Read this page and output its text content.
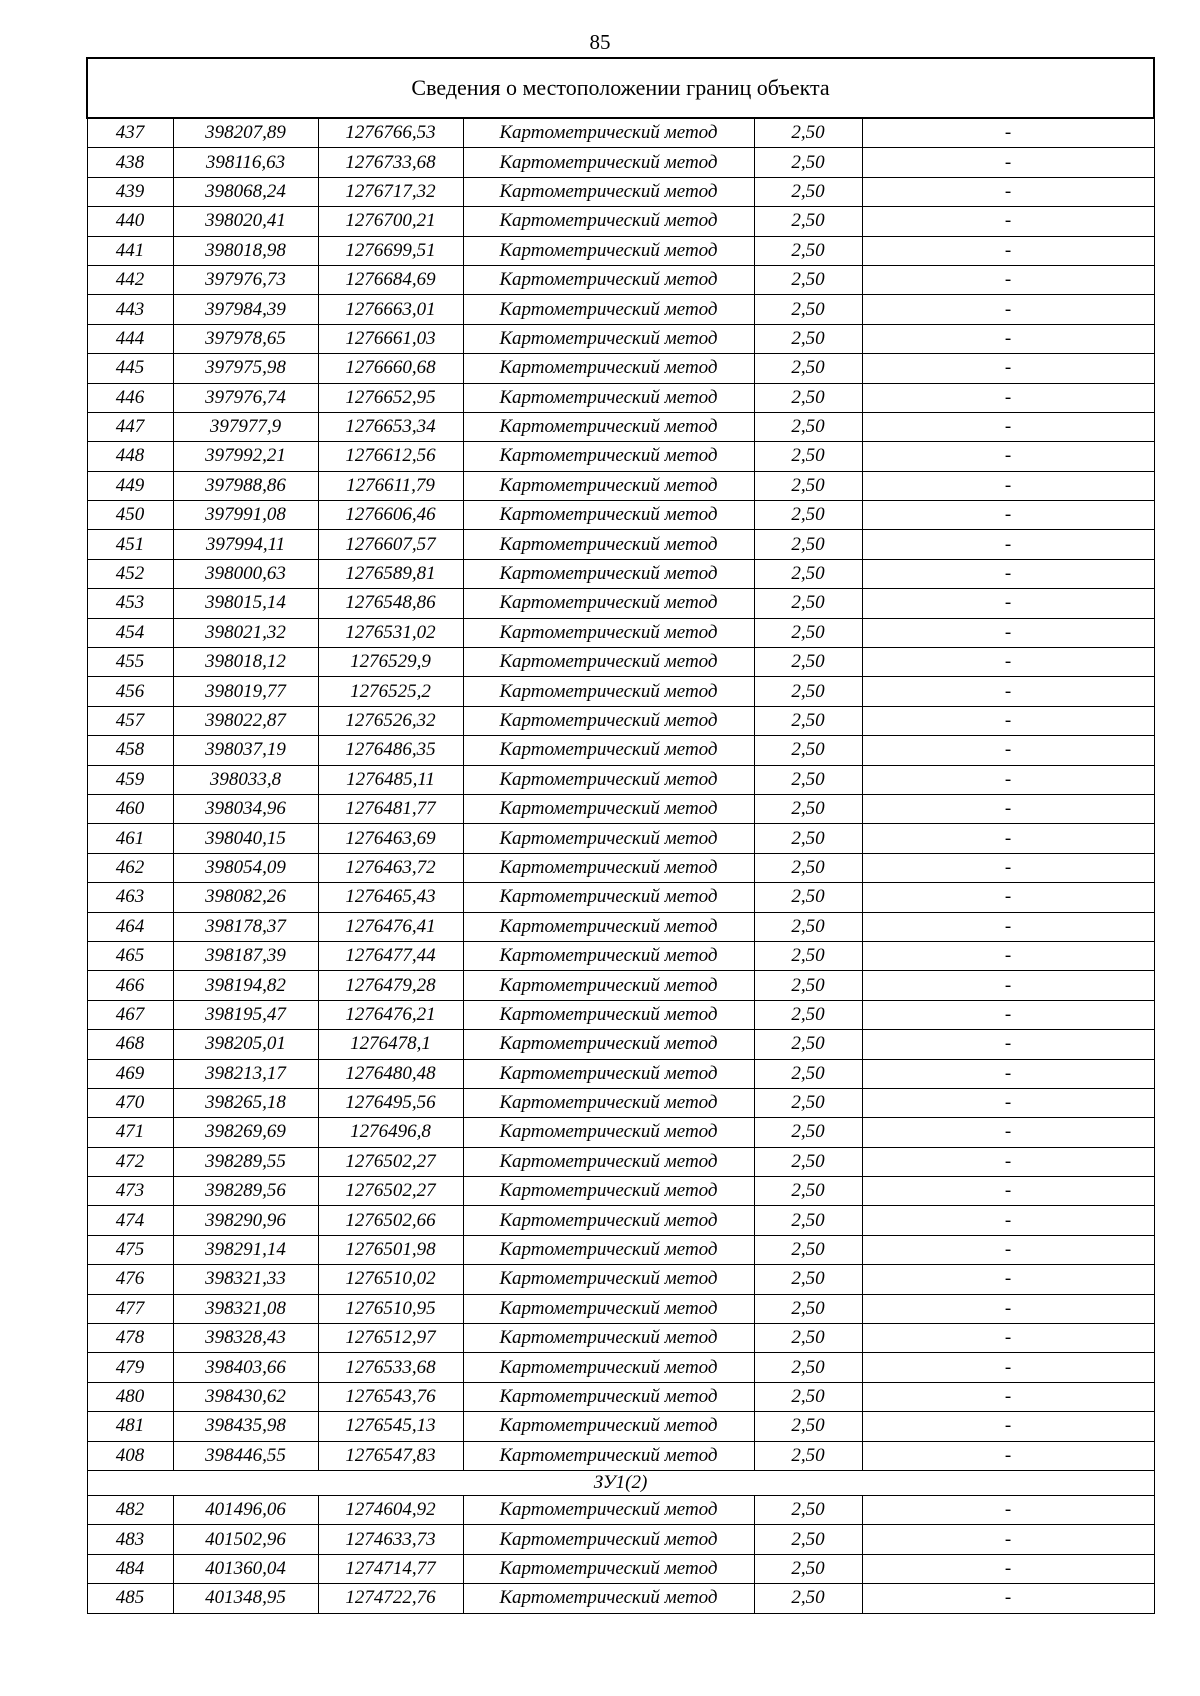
85
Сведения о местоположении границ объекта					
437	398207,89	1276766,53	Картометрический метод	2,50	-
438	398116,63	1276733,68	Картометрический метод	2,50	-
439	398068,24	1276717,32	Картометрический метод	2,50	-
440	398020,41	1276700,21	Картометрический метод	2,50	-
441	398018,98	1276699,51	Картометрический метод	2,50	-
442	397976,73	1276684,69	Картометрический метод	2,50	-
443	397984,39	1276663,01	Картометрический метод	2,50	-
444	397978,65	1276661,03	Картометрический метод	2,50	-
445	397975,98	1276660,68	Картометрический метод	2,50	-
446	397976,74	1276652,95	Картометрический метод	2,50	-
447	397977,9	1276653,34	Картометрический метод	2,50	-
448	397992,21	1276612,56	Картометрический метод	2,50	-
449	397988,86	1276611,79	Картометрический метод	2,50	-
450	397991,08	1276606,46	Картометрический метод	2,50	-
451	397994,11	1276607,57	Картометрический метод	2,50	-
452	398000,63	1276589,81	Картометрический метод	2,50	-
453	398015,14	1276548,86	Картометрический метод	2,50	-
454	398021,32	1276531,02	Картометрический метод	2,50	-
455	398018,12	1276529,9	Картометрический метод	2,50	-
456	398019,77	1276525,2	Картометрический метод	2,50	-
457	398022,87	1276526,32	Картометрический метод	2,50	-
458	398037,19	1276486,35	Картометрический метод	2,50	-
459	398033,8	1276485,11	Картометрический метод	2,50	-
460	398034,96	1276481,77	Картометрический метод	2,50	-
461	398040,15	1276463,69	Картометрический метод	2,50	-
462	398054,09	1276463,72	Картометрический метод	2,50	-
463	398082,26	1276465,43	Картометрический метод	2,50	-
464	398178,37	1276476,41	Картометрический метод	2,50	-
465	398187,39	1276477,44	Картометрический метод	2,50	-
466	398194,82	1276479,28	Картометрический метод	2,50	-
467	398195,47	1276476,21	Картометрический метод	2,50	-
468	398205,01	1276478,1	Картометрический метод	2,50	-
469	398213,17	1276480,48	Картометрический метод	2,50	-
470	398265,18	1276495,56	Картометрический метод	2,50	-
471	398269,69	1276496,8	Картометрический метод	2,50	-
472	398289,55	1276502,27	Картометрический метод	2,50	-
473	398289,56	1276502,27	Картометрический метод	2,50	-
474	398290,96	1276502,66	Картометрический метод	2,50	-
475	398291,14	1276501,98	Картометрический метод	2,50	-
476	398321,33	1276510,02	Картометрический метод	2,50	-
477	398321,08	1276510,95	Картометрический метод	2,50	-
478	398328,43	1276512,97	Картометрический метод	2,50	-
479	398403,66	1276533,68	Картометрический метод	2,50	-
480	398430,62	1276543,76	Картометрический метод	2,50	-
481	398435,98	1276545,13	Картометрический метод	2,50	-
408	398446,55	1276547,83	Картометрический метод	2,50	-
ЗУ1(2)					
482	401496,06	1274604,92	Картометрический метод	2,50	-
483	401502,96	1274633,73	Картометрический метод	2,50	-
484	401360,04	1274714,77	Картометрический метод	2,50	-
485	401348,95	1274722,76	Картометрический метод	2,50	-
